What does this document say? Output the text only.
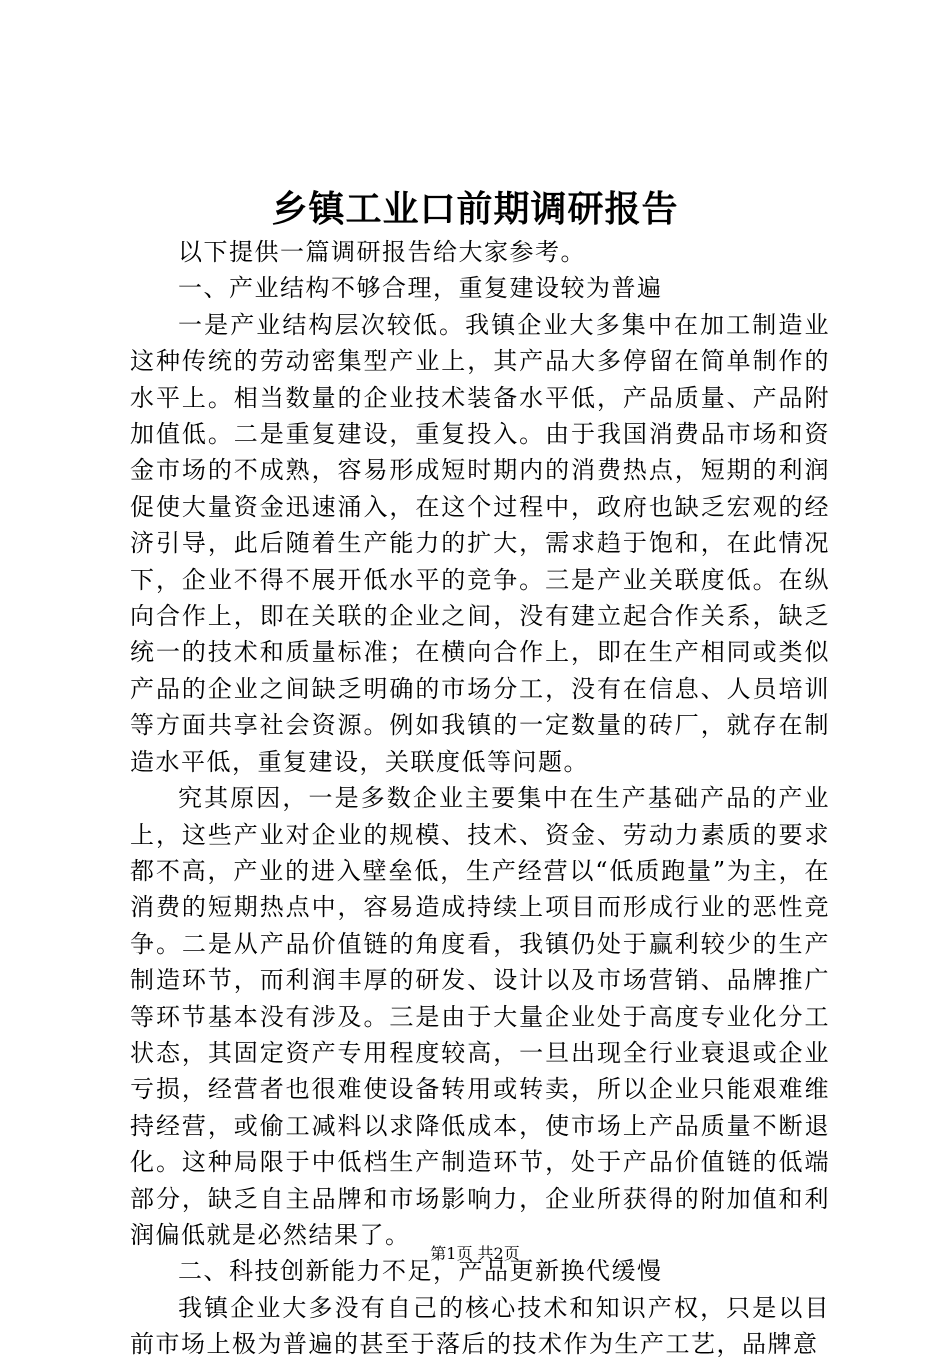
乡镇工业口前期调研报告

以下提供一篇调研报告给大家参考。

一、产业结构不够合理，重复建设较为普遍

一是产业结构层次较低。我镇企业大多集中在加工制造业这种传统的劳动密集型产业上，其产品大多停留在简单制作的水平上。相当数量的企业技术装备水平低，产品质量、产品附加值低。二是重复建设，重复投入。由于我国消费品市场和资金市场的不成熟，容易形成短时期内的消费热点，短期的利润促使大量资金迅速涌入，在这个过程中，政府也缺乏宏观的经济引导，此后随着生产能力的扩大，需求趋于饱和，在此情况下，企业不得不展开低水平的竞争。三是产业关联度低。在纵向合作上，即在关联的企业之间，没有建立起合作关系，缺乏统一的技术和质量标准；在横向合作上，即在生产相同或类似产品的企业之间缺乏明确的市场分工，没有在信息、人员培训等方面共享社会资源。例如我镇的一定数量的砖厂，就存在制造水平低，重复建设，关联度低等问题。

究其原因，一是多数企业主要集中在生产基础产品的产业上，这些产业对企业的规模、技术、资金、劳动力素质的要求都不高，产业的进入壁垒低，生产经营以“低质跑量”为主，在消费的短期热点中，容易造成持续上项目而形成行业的恶性竞争。二是从产品价值链的角度看，我镇仍处于赢利较少的生产制造环节，而利润丰厚的研发、设计以及市场营销、品牌推广等环节基本没有涉及。三是由于大量企业处于高度专业化分工状态，其固定资产专用程度较高，一旦出现全行业衰退或企业亏损，经营者也很难使设备转用或转卖，所以企业只能艰难维持经营，或偷工减料以求降低成本，使市场上产品质量不断退化。这种局限于中低档生产制造环节，处于产品价值链的低端部分，缺乏自主品牌和市场影响力，企业所获得的附加值和利润偏低就是必然结果了。

二、科技创新能力不足，产品更新换代缓慢

我镇企业大多没有自己的核心技术和知识产权，只是以目前市场上极为普遍的甚至于落后的技术作为生产工艺，品牌意

第1页 共2页
